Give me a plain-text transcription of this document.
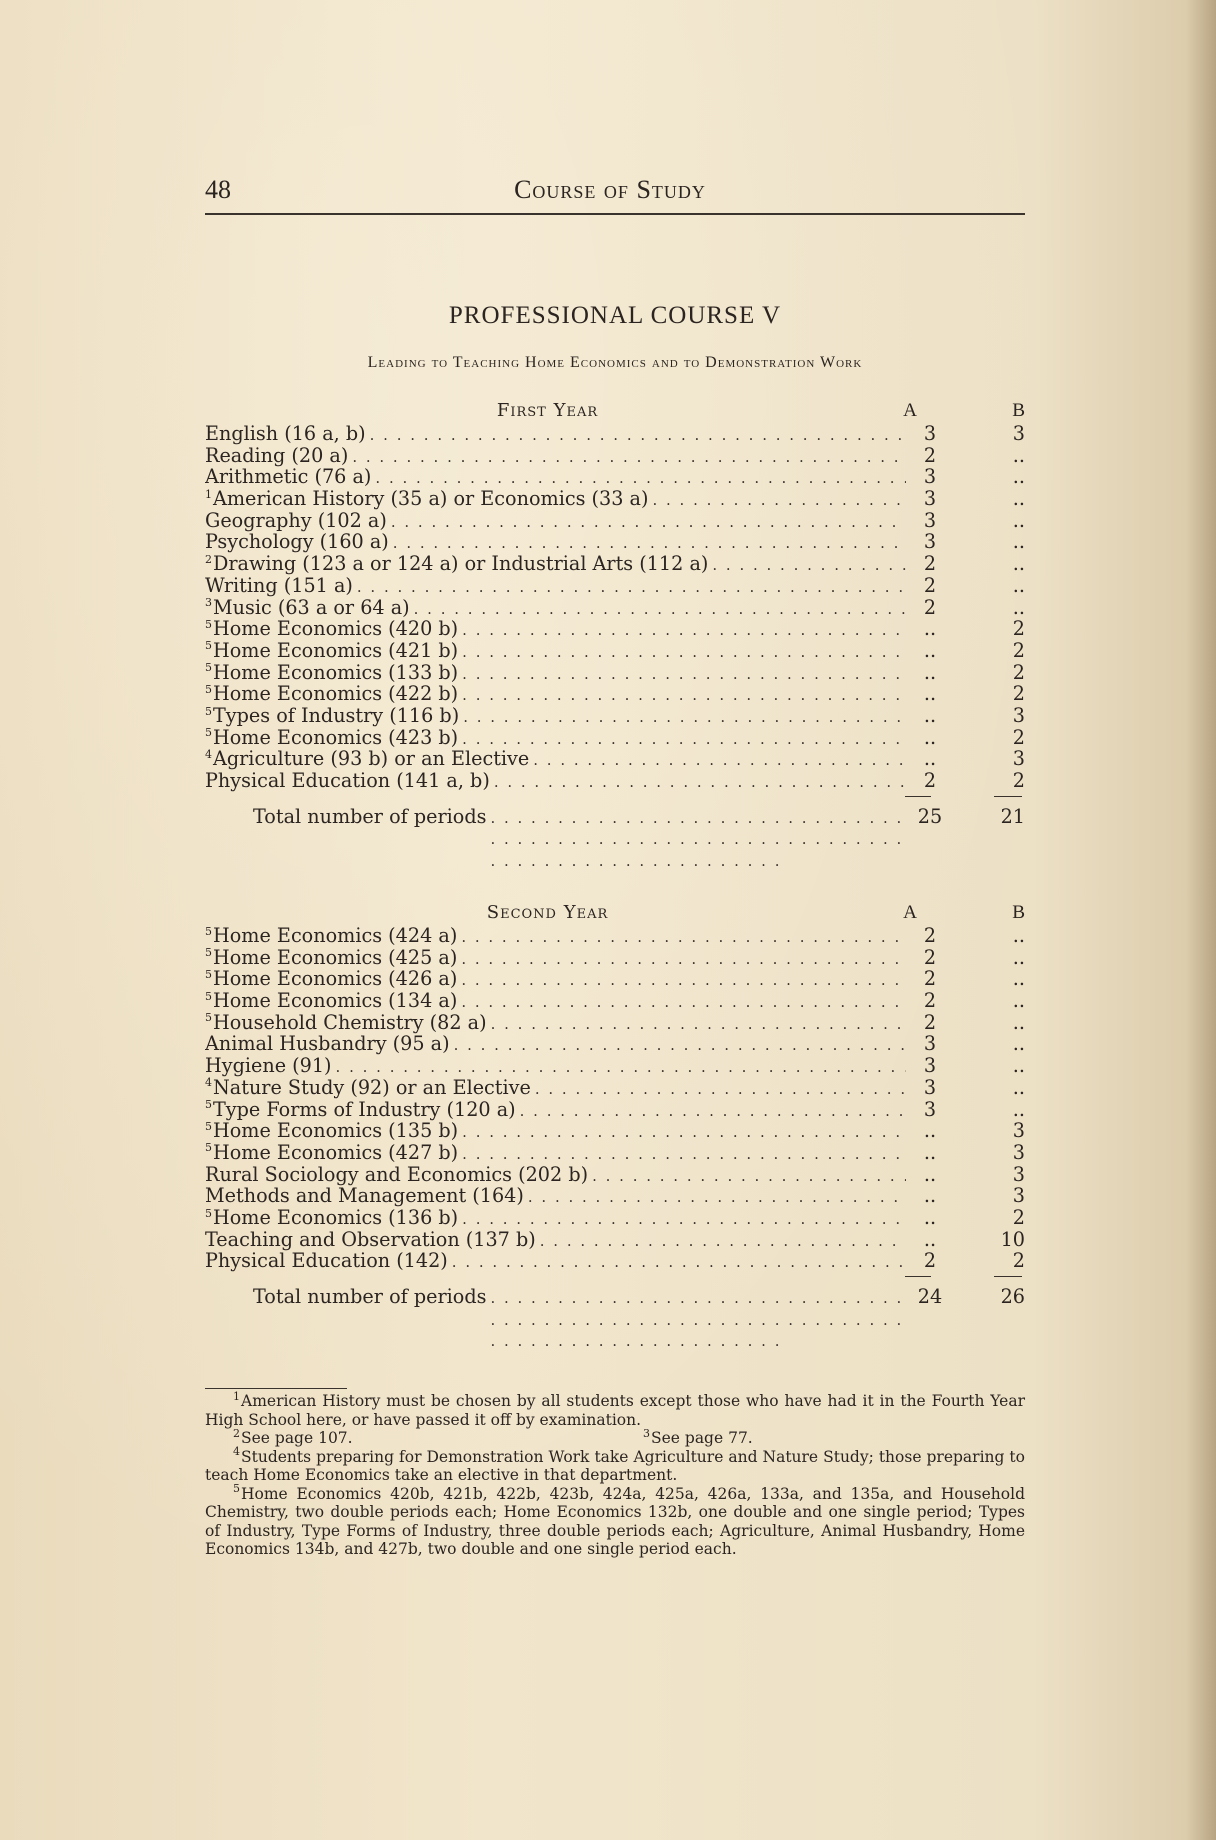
48	Course of Study
PROFESSIONAL COURSE V
Leading to Teaching Home Economics and to Demonstration Work
First Year	A	B
English (16 a, b) . . .	3	3
Reading (20 a) . . .	2	..
Arithmetic (76 a) . . .	3	..
$^1$American History (35 a) or Economics (33 a) . . .	3	..
Geography (102 a) . . .	3	..
Psychology (160 a) . . .	3	..
$^2$Drawing (123 a or 124 a) or Industrial Arts (112 a) . . .	2	..
Writing (151 a) . . .	2	..
$^3$Music (63 a or 64 a) . . .	2	..
$^5$Home Economics (420 b) . . .	..	2
$^5$Home Economics (421 b) . . .	..	2
$^5$Home Economics (133 b) . . .	..	2
$^5$Home Economics (422 b) . . .	..	2
$^5$Types of Industry (116 b) . . .	..	3
$^5$Home Economics (423 b) . . .	..	2
$^4$Agriculture (93 b) or an Elective . . .	..	3
Physical Education (141 a, b) . . .	2	2
Total number of periods . . .	25	21
Second Year	A	B
$^5$Home Economics (424 a) . . .	2	..
$^5$Home Economics (425 a) . . .	2	..
$^5$Home Economics (426 a) . . .	2	..
$^5$Home Economics (134 a) . . .	2	..
$^5$Household Chemistry (82 a) . . .	2	..
Animal Husbandry (95 a) . . .	3	..
Hygiene (91) . . .	3	..
$^4$Nature Study (92) or an Elective . . .	3	..
$^5$Type Forms of Industry (120 a) . . .	3	..
$^5$Home Economics (135 b) . . .	..	3
$^5$Home Economics (427 b) . . .	..	3
Rural Sociology and Economics (202 b) . . .	..	3
Methods and Management (164) . . .	..	3
$^5$Home Economics (136 b) . . .	..	2
Teaching and Observation (137 b) . . .	..	10
Physical Education (142) . . .	2	2
Total number of periods . . .	24	26

$^1$American History must be chosen by all students except those who have had it in the Fourth Year High School here, or have passed it off by examination.

$^2$See page 107.	$^3$See page 77.

$^4$Students preparing for Demonstration Work take Agriculture and Nature Study; those preparing to teach Home Economics take an elective in that department.

$^5$Home Economics 420b, 421b, 422b, 423b, 424a, 425a, 426a, 133a, and 135a, and Household Chemistry, two double periods each; Home Economics 132b, one double and one single period; Types of Industry, Type Forms of Industry, three double periods each; Agriculture, Animal Husbandry, Home Economics 134b, and 427b, two double and one single period each.
